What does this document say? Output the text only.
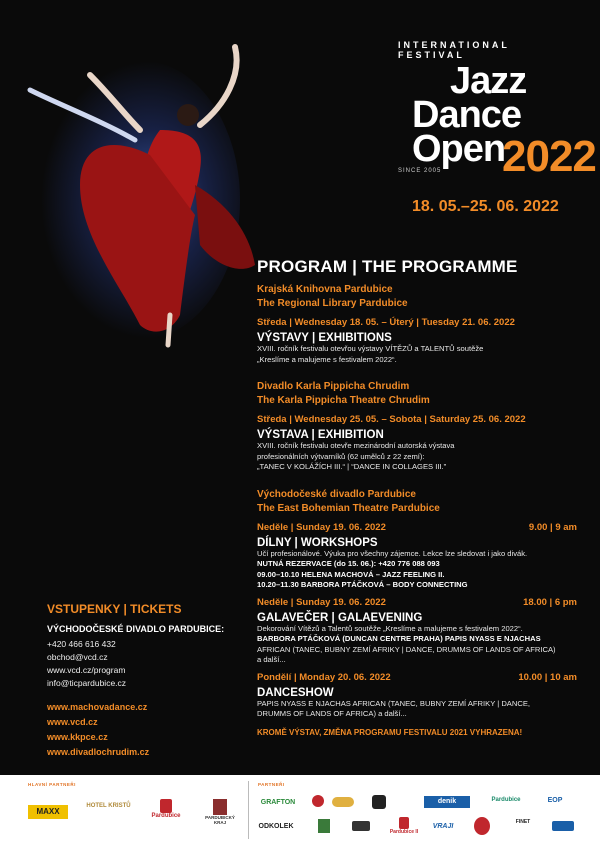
INTERNATIONAL FESTIVAL
Jazz
Dance
Open
2022
SINCE 2005
18. 05.–25. 06. 2022
PROGRAM | THE PROGRAMME
Krajská Knihovna Pardubice
The Regional Library Pardubice
Středa | Wednesday 18. 05. – Úterý | Tuesday 21. 06. 2022
VÝSTAVY | EXHIBITIONS
XVIII. ročník festivalu otevřou výstavy VÍTĚZŮ a TALENTŮ soutěže
„Kreslíme a malujeme s festivalem 2022“.
Divadlo Karla Pippicha Chrudim
The Karla Pippicha Theatre Chrudim
Středa | Wednesday 25. 05. – Sobota | Saturday 25. 06. 2022
VÝSTAVA | EXHIBITION
XVIII. ročník festivalu otevře mezinárodní autorská výstava
profesionálních výtvarníků (62 umělců z 22 zemí):
„TANEC V KOLÁŽÍCH III.“ | “DANCE IN COLLAGES III.”
Východočeské divadlo Pardubice
The East Bohemian Theatre Pardubice
Neděle | Sunday 19. 06. 2022	9.00 | 9 am
DÍLNY | WORKSHOPS
Učí profesionálové. Výuka pro všechny zájemce. Lekce lze sledovat i jako divák.
NUTNÁ REZERVACE (do 15. 06.): +420 776 088 093
09.00–10.10 HELENA MACHOVÁ – JAZZ FEELING II.
10.20–11.30 BARBORA PTÁČKOVÁ – BODY CONNECTING
Neděle | Sunday 19. 06. 2022	18.00 | 6 pm
GALAVEČER | GALAEVENING
Dekorování Vítězů a Talentů soutěže „Kreslíme a malujeme s festivalem 2022“.
BARBORA PTÁČKOVÁ (DUNCAN CENTRE PRAHA) PAPIS NYASS E NJACHAS
AFRICAN (TANEC, BUBNY ZEMÍ AFRIKY | DANCE, DRUMMS OF LANDS OF AFRICA)
a další...
Pondělí | Monday 20. 06. 2022	10.00 | 10 am
DANCESHOW
PAPIS NYASS E NJACHAS AFRICAN (TANEC, BUBNY ZEMÍ AFRIKY | DANCE,
DRUMMS OF LANDS OF AFRICA) a další...
KROMĚ VÝSTAV, ZMĚNA PROGRAMU FESTIVALU 2021 VYHRAZENA!
VSTUPENKY | TICKETS
VÝCHODOČESKÉ DIVADLO PARDUBICE:
+420 466 616 432
obchod@vcd.cz
www.vcd.cz/program
info@ticpardubice.cz
www.machovadance.cz
www.vcd.cz
www.kkpce.cz
www.divadlochrudim.cz
HLAVNÍ PARTNEŘI	PARTNEŘI
MAXX
HOTEL KRISTŮ
Pardubice	PARDUBICKÝ KRAJ
GRAFTON	denik	Pardubice	EOP
ODKOLEK
Pardubice II
VRAJI
FINET
